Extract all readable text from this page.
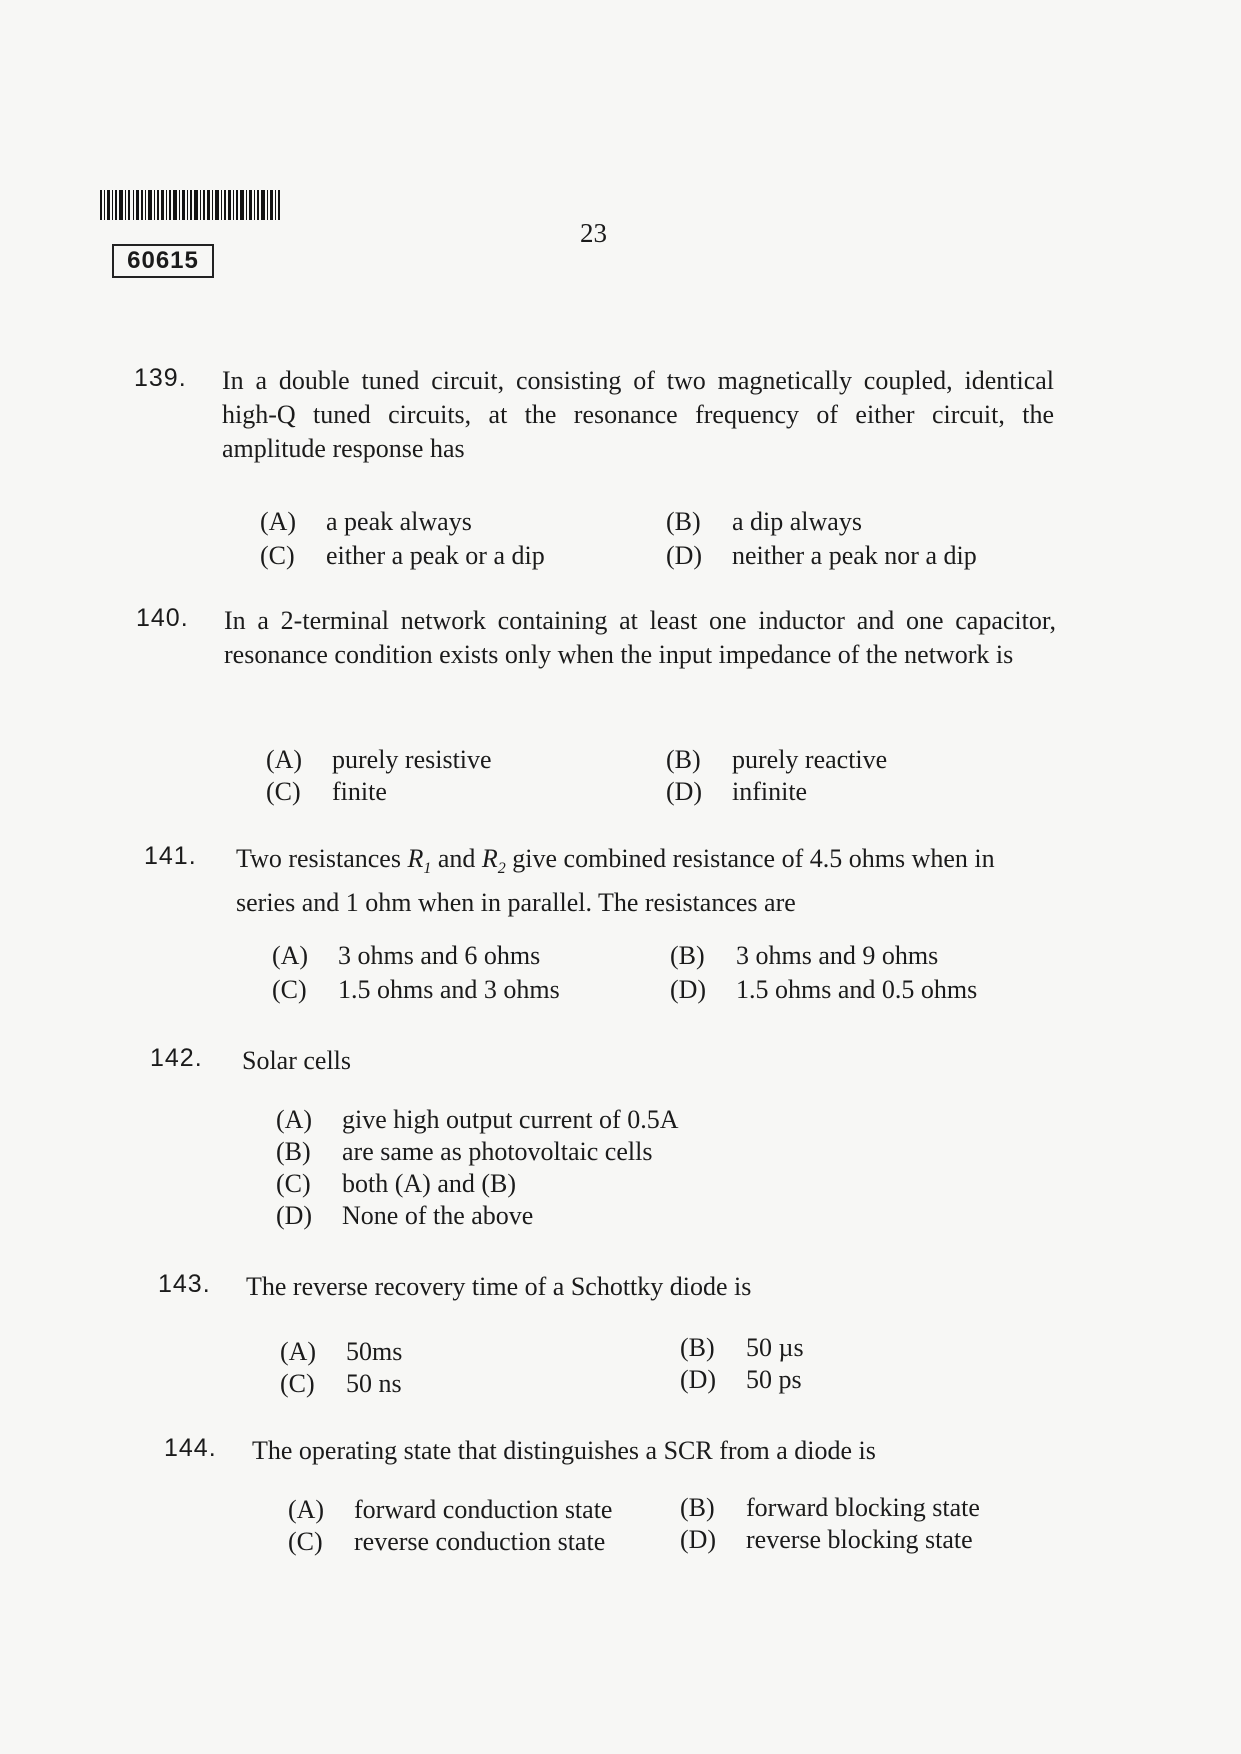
60615
23
139. In a double tuned circuit, consisting of two magnetically coupled, identical high-Q tuned circuits, at the resonance frequency of either circuit, the amplitude response has
(A) a peak always	(B) a dip always
(C) either a peak or a dip	(D) neither a peak nor a dip
140. In a 2-terminal network containing at least one inductor and one capacitor, resonance condition exists only when the input impedance of the network is
(A) purely resistive	(B) purely reactive
(C) finite	(D) infinite
141. Two resistances $R_1$ and $R_2$ give combined resistance of 4.5 ohms when in series and 1 ohm when in parallel. The resistances are
(A) 3 ohms and 6 ohms	(B) 3 ohms and 9 ohms
(C) 1.5 ohms and 3 ohms	(D) 1.5 ohms and 0.5 ohms
142. Solar cells
(A) give high output current of 0.5A
(B) are same as photovoltaic cells
(C) both (A) and (B)
(D) None of the above
143. The reverse recovery time of a Schottky diode is
(A) 50ms	(B) 50 µs
(C) 50 ns	(D) 50 ps
144. The operating state that distinguishes a SCR from a diode is
(A) forward conduction state	(B) forward blocking state
(C) reverse conduction state	(D) reverse blocking state
